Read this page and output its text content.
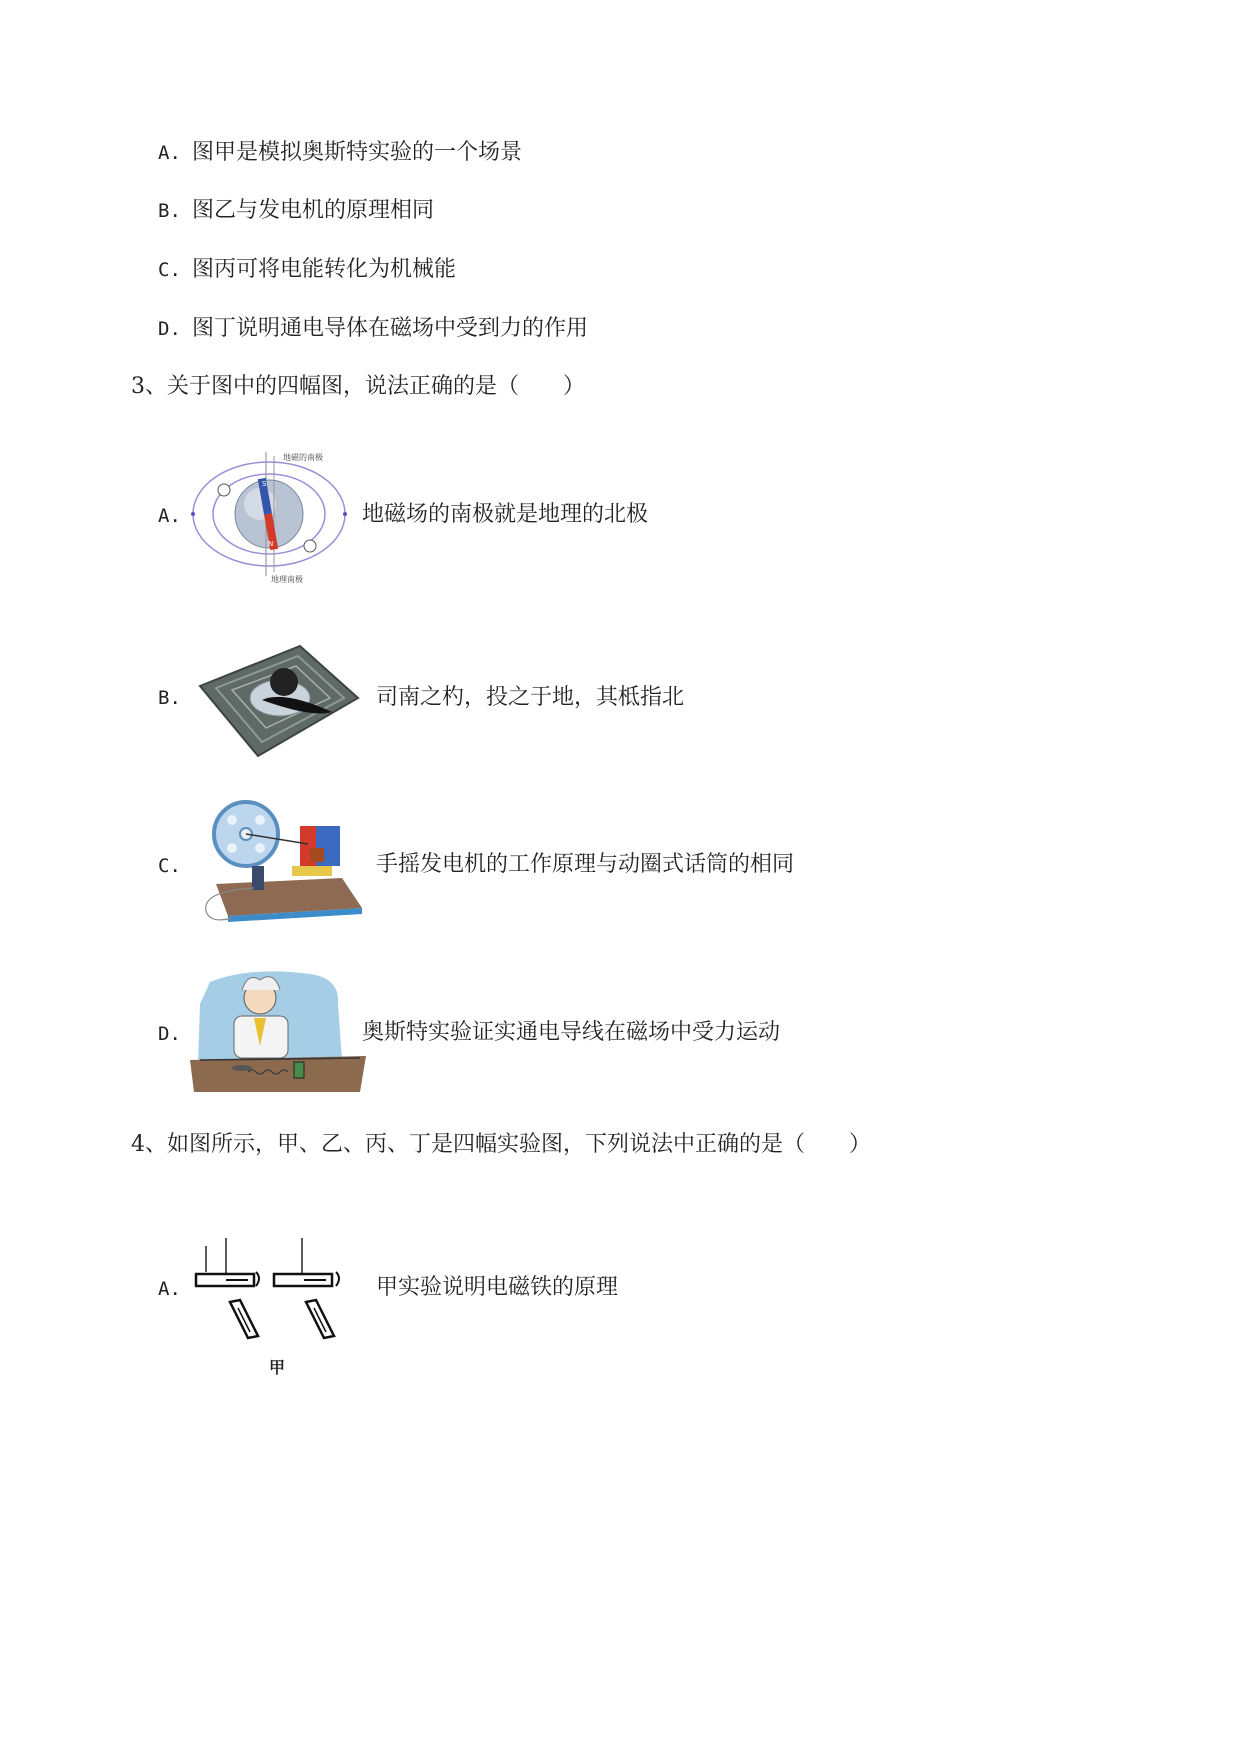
A. 图甲是模拟奥斯特实验的一个场景
B. 图乙与发电机的原理相同
C. 图丙可将电能转化为机械能
D. 图丁说明通电导体在磁场中受到力的作用
3、关于图中的四幅图，说法正确的是（　　）
A.
地磁的南极
地理南极
S
N
地磁场的南极就是地理的北极
B.	司南之杓，投之于地，其柢指北
C.	手摇发电机的工作原理与动圈式话筒的相同
D.	奥斯特实验证实通电导线在磁场中受力运动
4、如图所示，甲、乙、丙、丁是四幅实验图，下列说法中正确的是（　　）
A.
甲
甲实验说明电磁铁的原理
